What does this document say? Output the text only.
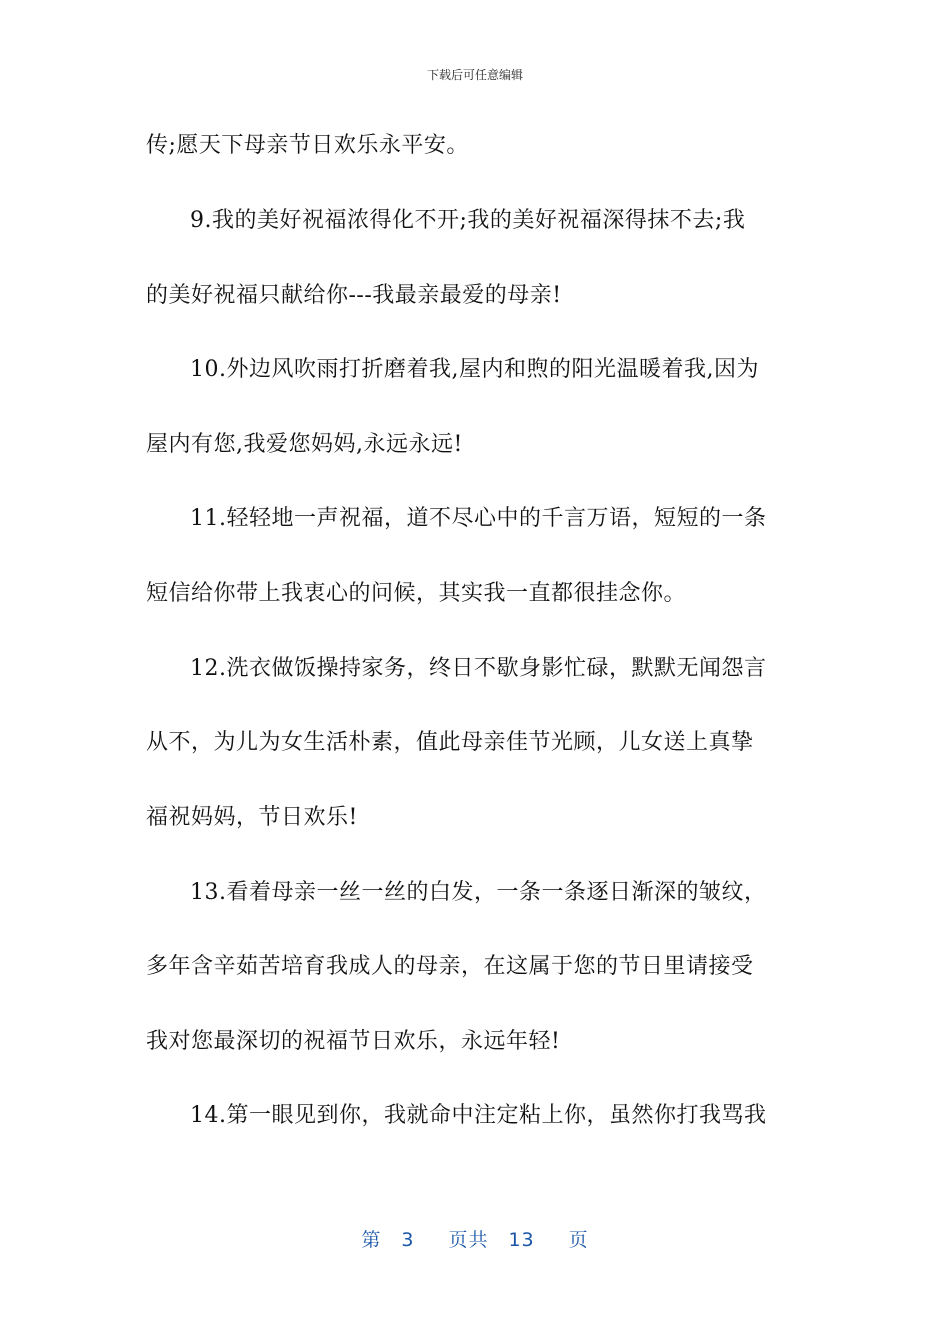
下载后可任意编辑
传;愿天下母亲节日欢乐永平安。
9.我的美好祝福浓得化不开;我的美好祝福深得抹不去;我
的美好祝福只献给你---我最亲最爱的母亲!
10.外边风吹雨打折磨着我,屋内和煦的阳光温暖着我,因为
屋内有您,我爱您妈妈,永远永远!
11.轻轻地一声祝福，道不尽心中的千言万语，短短的一条
短信给你带上我衷心的问候，其实我一直都很挂念你。
12.洗衣做饭操持家务，终日不歇身影忙碌，默默无闻怨言
从不，为儿为女生活朴素，值此母亲佳节光顾，儿女送上真挚
福祝妈妈，节日欢乐!
13.看着母亲一丝一丝的白发，一条一条逐日渐深的皱纹，
多年含辛茹苦培育我成人的母亲，在这属于您的节日里请接受
我对您最深切的祝福节日欢乐，永远年轻!
14.第一眼见到你，我就命中注定粘上你，虽然你打我骂我
第 3 页共 13 页
